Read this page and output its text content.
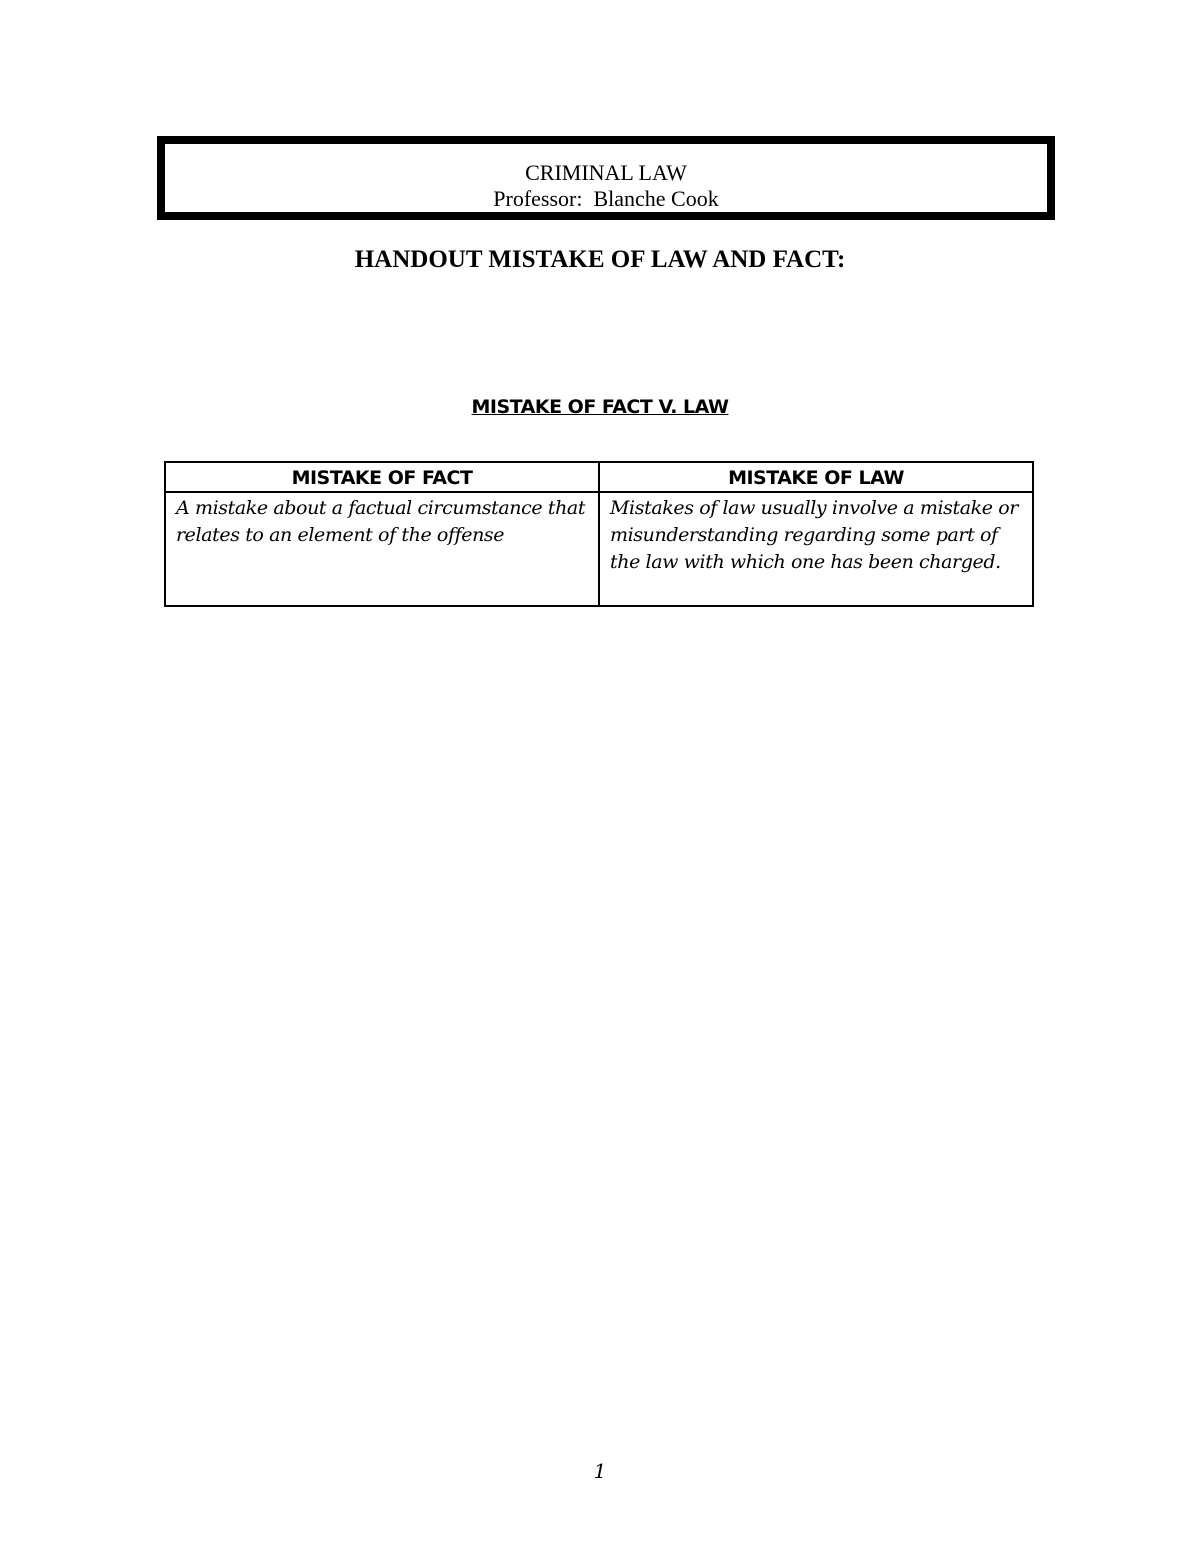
CRIMINAL LAW
Professor:  Blanche Cook
HANDOUT MISTAKE OF LAW AND FACT:
MISTAKE OF FACT V. LAW
MISTAKE OF FACT	MISTAKE OF LAW
A mistake about a factual circumstance that relates to an element of the offense	Mistakes of law usually involve a mistake or misunderstanding regarding some part of the law with which one has been charged.
1
